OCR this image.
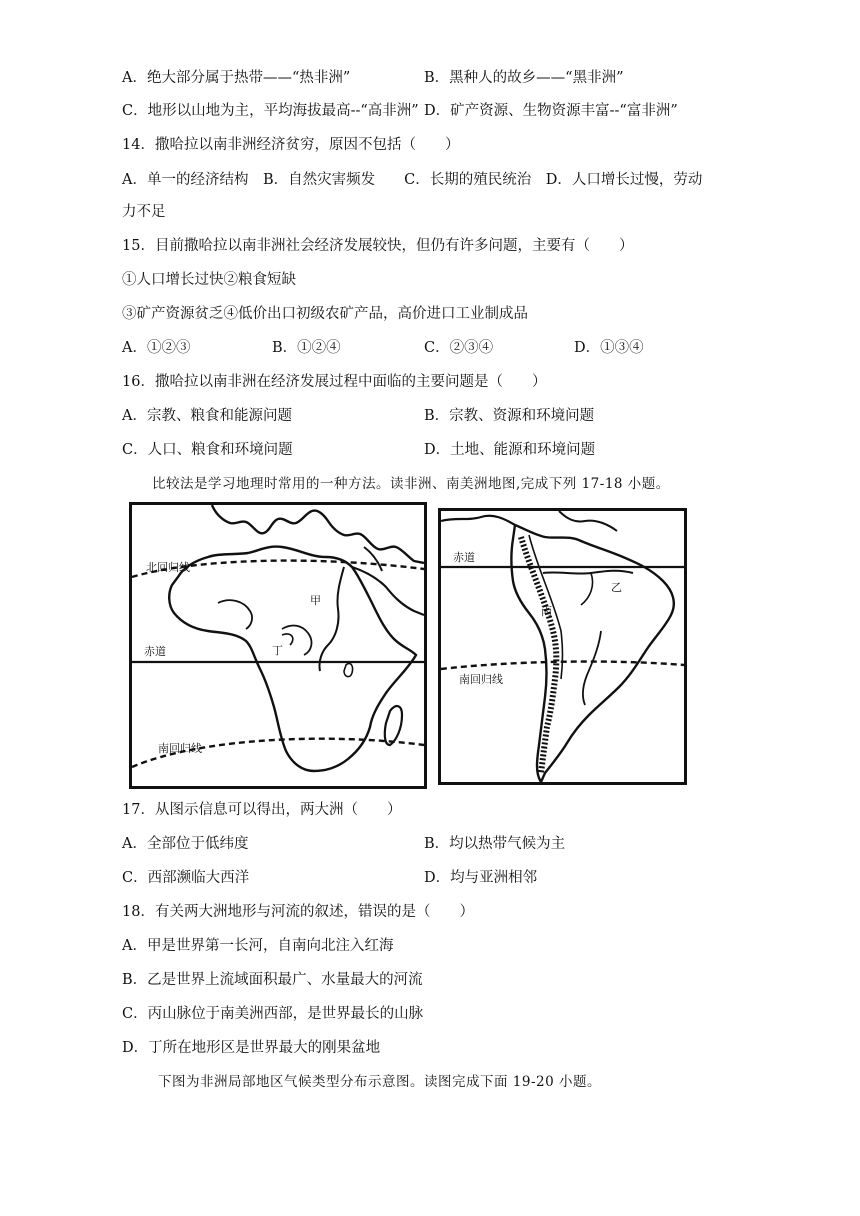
A．绝大部分属于热带——“热非洲”	B．黑种人的故乡——“黑非洲”
C．地形以山地为主，平均海拔最高--“高非洲” D．矿产资源、生物资源丰富--“富非洲”
14．撒哈拉以南非洲经济贫穷，原因不包括（　　）
A．单一的经济结构　B．自然灾害频发　　C．长期的殖民统治　D．人口增长过慢，劳动
力不足
15．目前撒哈拉以南非洲社会经济发展较快，但仍有许多问题，主要有（　　）
①人口增长过快②粮食短缺
③矿产资源贫乏④低价出口初级农矿产品，高价进口工业制成品
A．①②③	B．①②④	C．②③④	D．①③④
16．撒哈拉以南非洲在经济发展过程中面临的主要问题是（　　）
A．宗教、粮食和能源问题	B．宗教、资源和环境问题
C．人口、粮食和环境问题	D．土地、能源和环境问题
比较法是学习地理时常用的一种方法。读非洲、南美洲地图,完成下列 17-18 小题。
北回归线
赤道
南回归线
甲
丁
赤道
南回归线
乙
丙
17．从图示信息可以得出，两大洲（　　）
A．全部位于低纬度	B．均以热带气候为主
C．西部濒临大西洋	D．均与亚洲相邻
18．有关两大洲地形与河流的叙述，错误的是（　　）
A．甲是世界第一长河，自南向北注入红海
B．乙是世界上流域面积最广、水量最大的河流
C．丙山脉位于南美洲西部，是世界最长的山脉
D．丁所在地形区是世界最大的刚果盆地
下图为非洲局部地区气候类型分布示意图。读图完成下面 19-20 小题。
